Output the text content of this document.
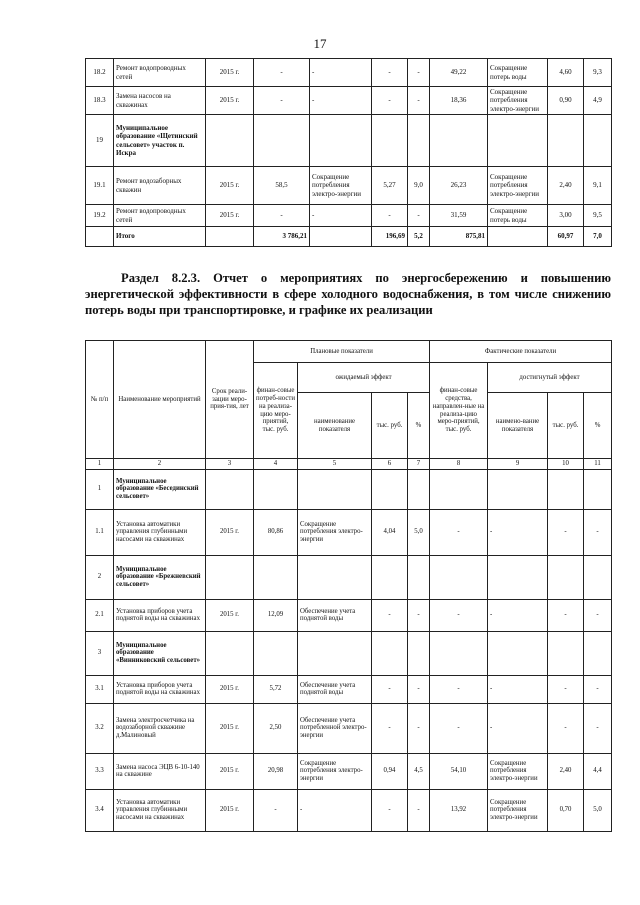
17
18.2	Ремонт водопроводных сетей	2015 г.	-	-	-	-	49,22	Сокращение потерь воды	4,60	9,3
18.3	Замена насосов на скважинах	2015 г.	-	-	-	-	18,36	Сокращение потребления электро-энергии	0,90	4,9
19	Муниципальное образование «Щетинский сельсовет» участок п. Искра									
19.1	Ремонт водозаборных скважин	2015 г.	58,5	Сокращение потребления электро-энергии	5,27	9,0	26,23	Сокращение потребления электро-энергии	2,40	9,1
19.2	Ремонт водопроводных сетей	2015 г.	-	-	-	-	31,59	Сокращение потерь воды	3,00	9,5
	Итого		3 786,21		196,69	5,2	875,81		60,97	7,0
Раздел 8.2.3. Отчет о мероприятиях по энергосбережению и повышению энергетической эффективности в сфере холодного водоснабжения, в том числе снижению потерь воды при транспортировке, и графике их реализации
№ п/п	Наименование мероприятий	Срок реали-зации меро-прия-тия, лет	Плановые показатели				Фактические показатели			
			финан-совые потреб-ности на реализа-цию меро-приятий, тыс. руб.	ожидаемый эффект			финан-совые средства, направлен-ные на реализа-цию меро-приятий, тыс. руб.	достигнутый эффект		
				наименование показателя	тыс. руб.	%		наимено-вание показателя	тыс. руб.	%
1	2	3	4	5	6	7	8	9	10	11
1	Муниципальное образование «Бесединский сельсовет»									
1.1	Установка автоматики управления глубинными насосами на скважинах	2015 г.	80,86	Сокращение потребления электро-энергии	4,04	5,0	-	-	-	-
2	Муниципальное образование «Брежневский сельсовет»									
2.1	Установка приборов учета поднятой воды на скважинах	2015 г.	12,09	Обеспечение учета поднятой воды	-	-	-	-	-	-
3	Муниципальное образование «Винниковский сельсовет»									
3.1	Установка приборов учета поднятой воды на скважинах	2015 г.	5,72	Обеспечение учета поднятой воды	-	-	-	-	-	-
3.2	Замена электросчетчика на водозаборной скважине д.Малиновый	2015 г.	2,50	Обеспечение учета потребленной электро-энергии	-	-	-	-	-	-
3.3	Замена насоса ЭЦВ 6-10-140 на скважине	2015 г.	20,98	Сокращение потребления электро-энергии	0,94	4,5	54,10	Сокращение потребления электро-энергии	2,40	4,4
3.4	Установка автоматики управления глубинными насосами на скважинах	2015 г.	-	-	-	-	13,92	Сокращение потребления электро-энергии	0,70	5,0
